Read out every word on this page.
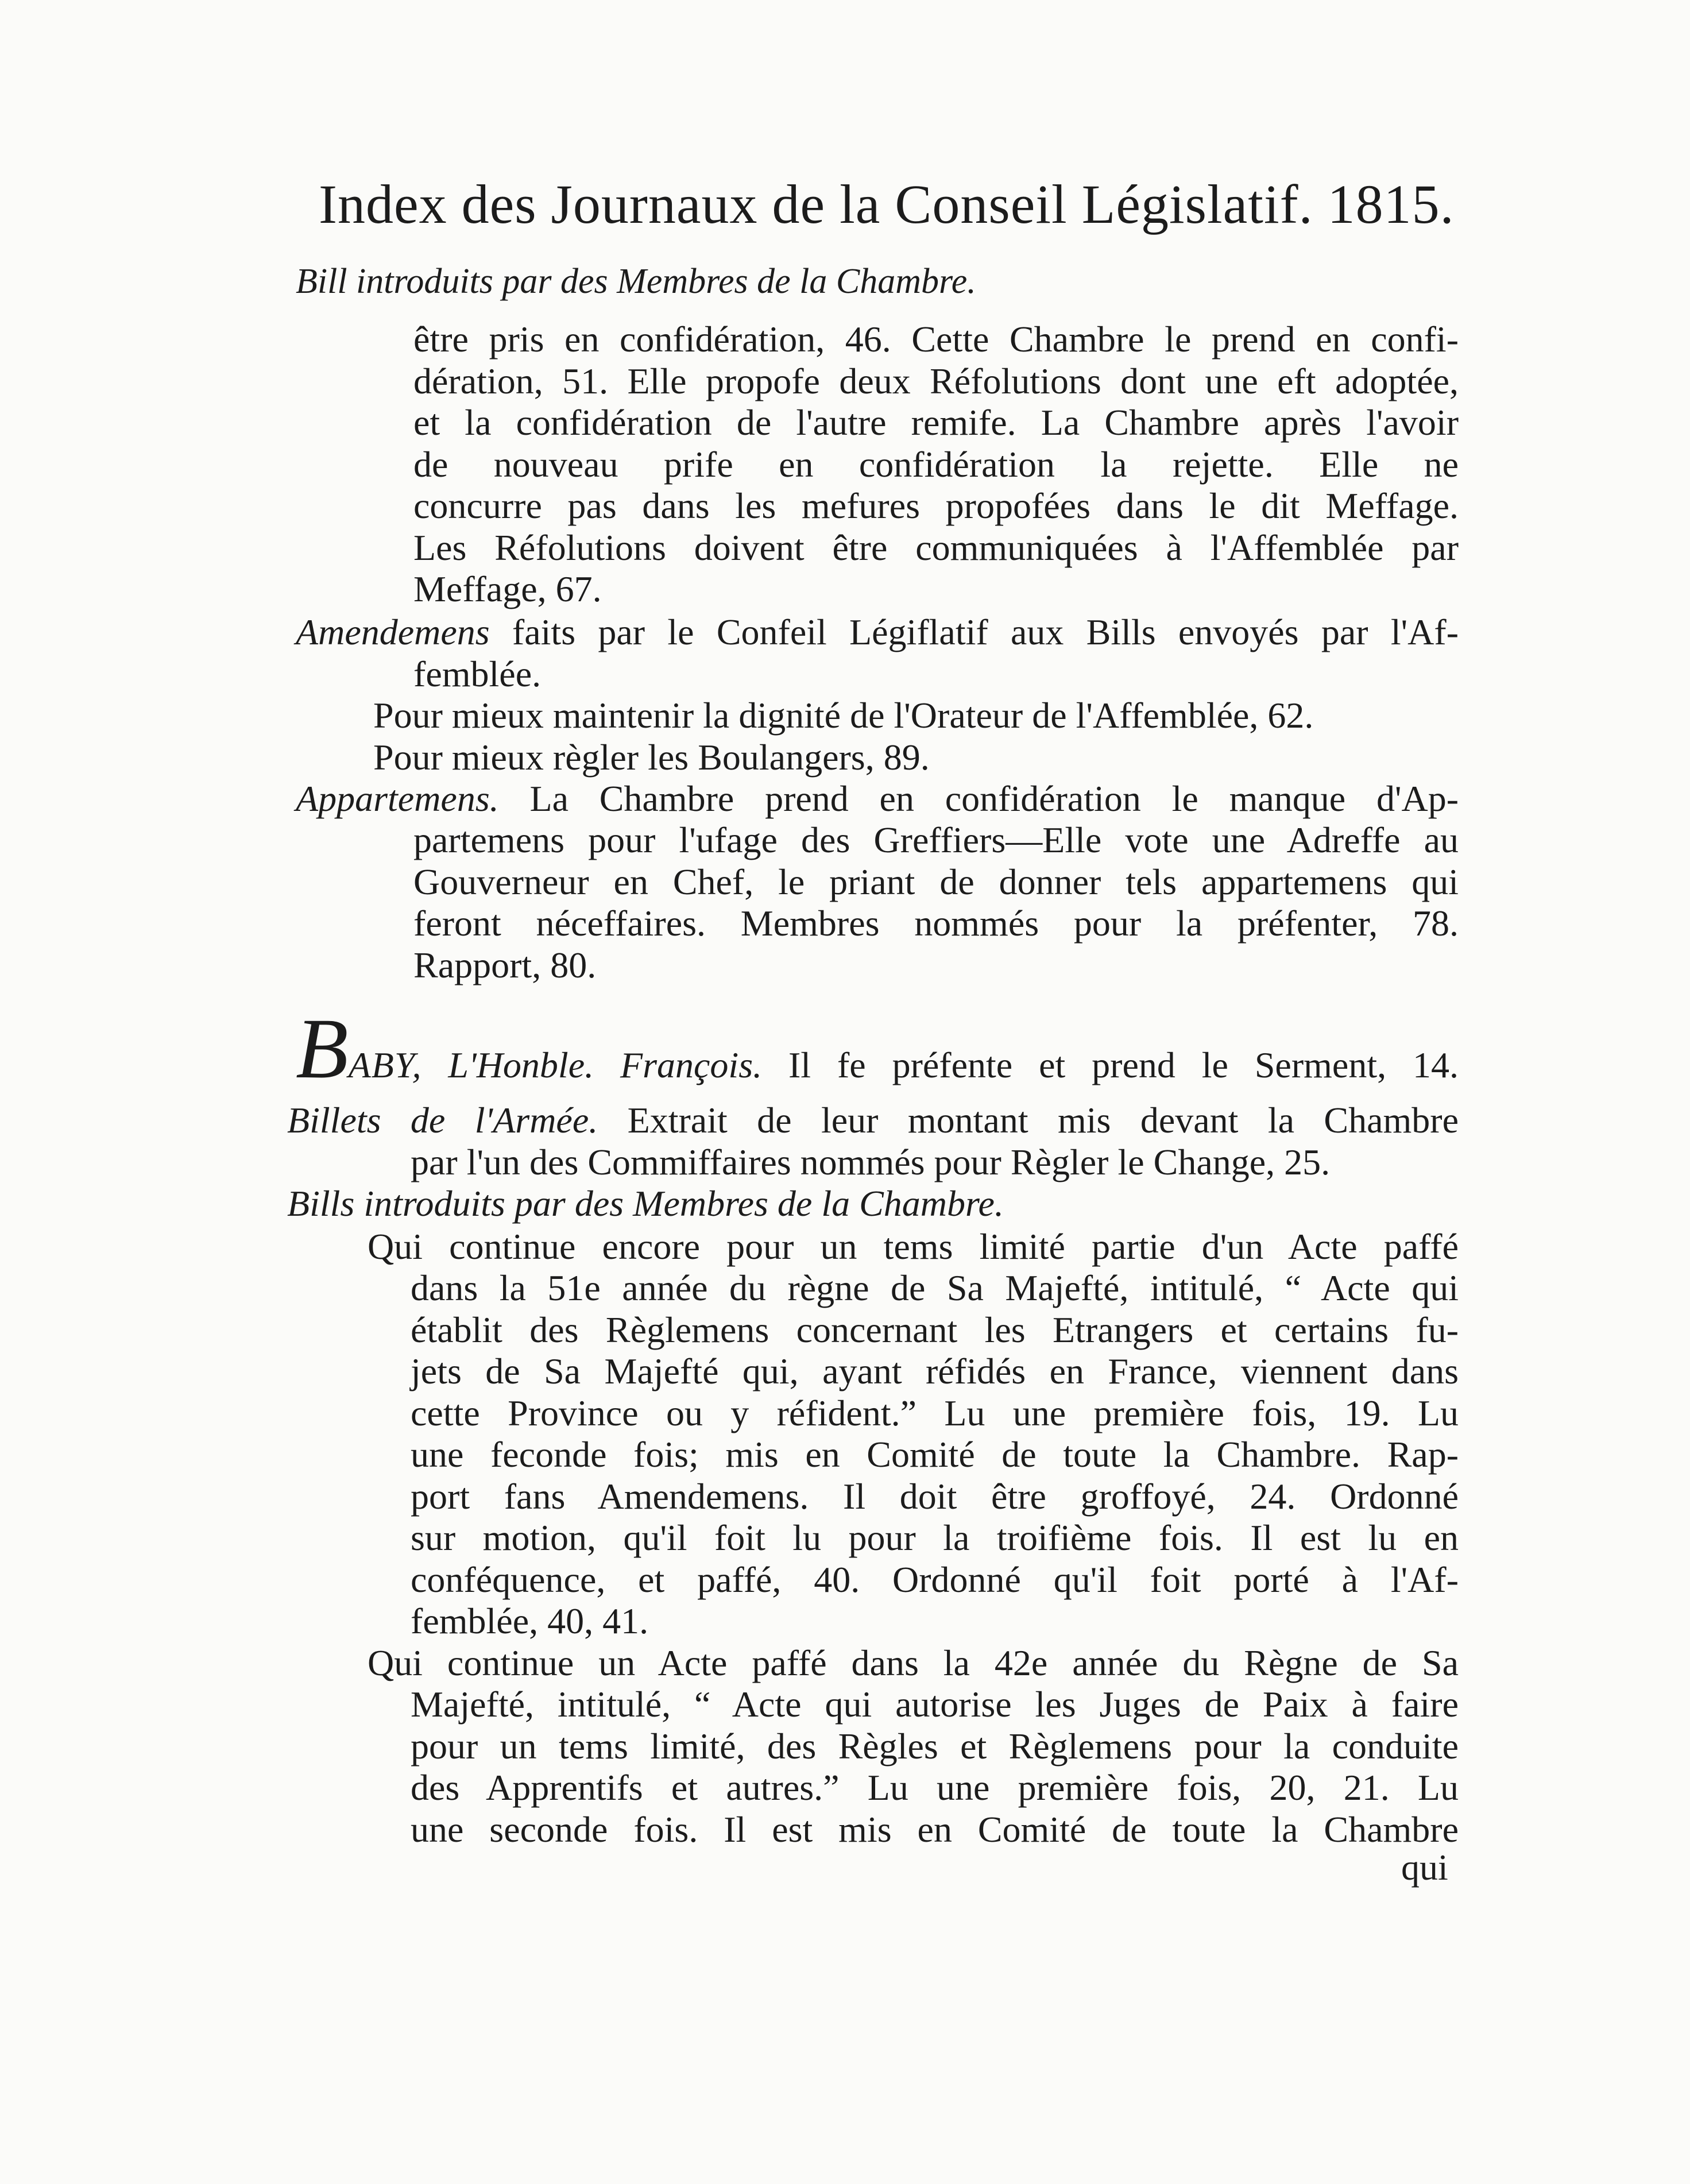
Index des Journaux de la Conseil Législatif. 1815.
Bill introduits par des Membres de la Chambre.
être pris en confidération, 46. Cette Chambre le prend en confi-
dération, 51. Elle propofe deux Réfolutions dont une eft adoptée,
et la confidération de l'autre remife. La Chambre après l'avoir
de nouveau prife en confidération la rejette. Elle ne
concurre pas dans les mefures propofées dans le dit Meffage.
Les Réfolutions doivent être communiquées à l'Affemblée par
Meffage, 67.
Amendemens faits par le Confeil Légiflatif aux Bills envoyés par l'Af-
femblée.
Pour mieux maintenir la dignité de l'Orateur de l'Affemblée, 62.
Pour mieux règler les Boulangers, 89.
Appartemens. La Chambre prend en confidération le manque d'Ap-
partemens pour l'ufage des Greffiers—Elle vote une Adreffe au
Gouverneur en Chef, le priant de donner tels appartemens qui
feront néceffaires. Membres nommés pour la préfenter, 78.
Rapport, 80.
BABY, L'Honble. François. Il fe préfente et prend le Serment, 14.
Billets de l'Armée. Extrait de leur montant mis devant la Chambre
par l'un des Commiffaires nommés pour Règler le Change, 25.
Bills introduits par des Membres de la Chambre.
Qui continue encore pour un tems limité partie d'un Acte paffé
dans la 51e année du règne de Sa Majefté, intitulé, “ Acte qui
établit des Règlemens concernant les Etrangers et certains fu-
jets de Sa Majefté qui, ayant réfidés en France, viennent dans
cette Province ou y réfident.” Lu une première fois, 19. Lu
une feconde fois; mis en Comité de toute la Chambre. Rap-
port fans Amendemens. Il doit être groffoyé, 24. Ordonné
sur motion, qu'il foit lu pour la troifième fois. Il est lu en
conféquence, et paffé, 40. Ordonné qu'il foit porté à l'Af-
femblée, 40, 41.
Qui continue un Acte paffé dans la 42e année du Règne de Sa
Majefté, intitulé, “ Acte qui autorise les Juges de Paix à faire
pour un tems limité, des Règles et Règlemens pour la conduite
des Apprentifs et autres.” Lu une première fois, 20, 21. Lu
une seconde fois. Il est mis en Comité de toute la Chambre
qui
